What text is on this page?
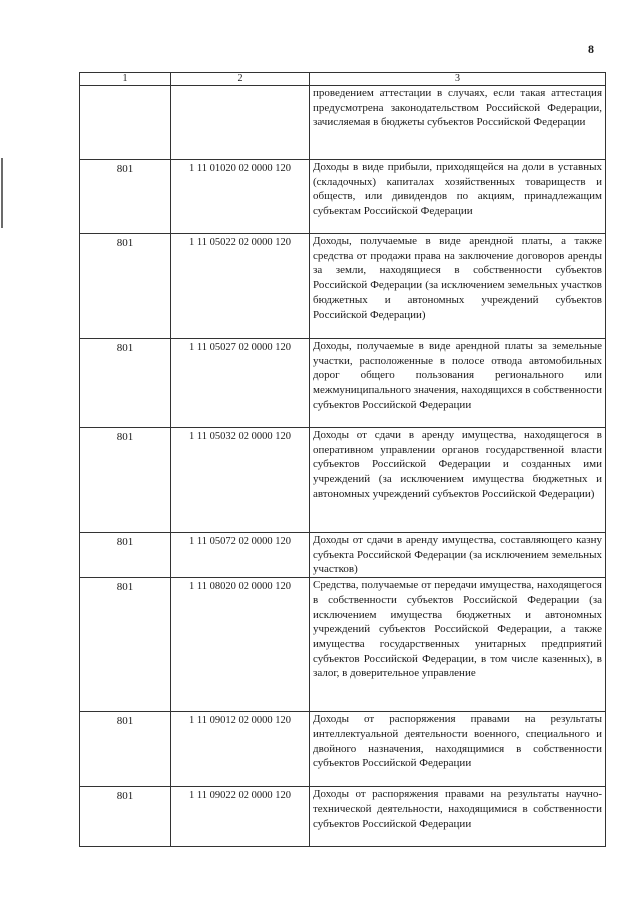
8
1	2	3
		проведением аттестации в случаях, если такая аттестация предусмотрена законодательством Российской Федерации, зачисляемая в бюджеты субъектов Российской Федерации
801	1 11 01020 02 0000 120	Доходы в виде прибыли, приходящейся на доли в уставных (складочных) капиталах хозяйственных товариществ и обществ, или дивидендов по акциям, принадлежащим субъектам Российской Федерации
801	1 11 05022 02 0000 120	Доходы, получаемые в виде арендной платы, а также средства от продажи права на заключение договоров аренды за земли, находящиеся в собственности субъектов Российской Федерации (за исключением земельных участков бюджетных и автономных учреждений субъектов Российской Федерации)
801	1 11 05027 02 0000 120	Доходы, получаемые в виде арендной платы за земельные участки, расположенные в полосе отвода автомобильных дорог общего пользования регионального или межмуниципального значения, находящихся в собственности субъектов Российской Федерации
801	1 11 05032 02 0000 120	Доходы от сдачи в аренду имущества, находящегося в оперативном управлении органов государственной власти субъектов Российской Федерации и созданных ими учреждений (за исключением имущества бюджетных и автономных учреждений субъектов Российской Федерации)
801	1 11 05072 02 0000 120	Доходы от сдачи в аренду имущества, составляющего казну субъекта Российской Федерации (за исключением земельных участков)
801	1 11 08020 02 0000 120	Средства, получаемые от передачи имущества, находящегося в собственности субъектов Российской Федерации (за исключением имущества бюджетных и автономных учреждений субъектов Российской Федерации, а также имущества государственных унитарных предприятий субъектов Российской Федерации, в том числе казенных), в залог, в доверительное управление
801	1 11 09012 02 0000 120	Доходы от распоряжения правами на результаты интеллектуальной деятельности военного, специального и двойного назначения, находящимися в собственности субъектов Российской Федерации
801	1 11 09022 02 0000 120	Доходы от распоряжения правами на результаты научно-технической деятельности, находящимися в собственности субъектов Российской Федерации
